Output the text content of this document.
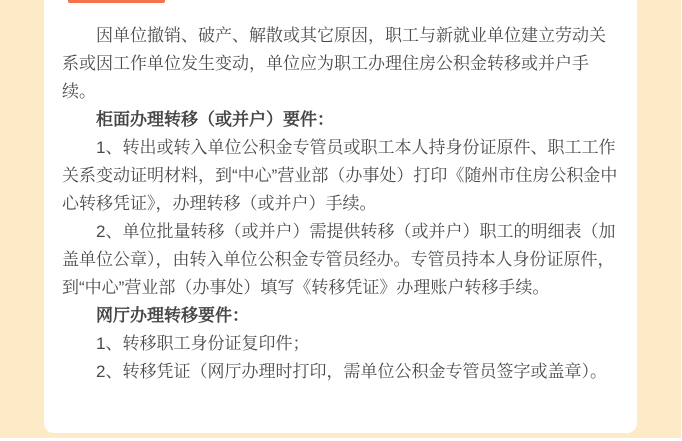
因单位撤销、破产、解散或其它原因，职工与新就业单位建立劳动关系或因工作单位发生变动，单位应为职工办理住房公积金转移或并户手续。

柜面办理转移（或并户）要件：

1、转出或转入单位公积金专管员或职工本人持身份证原件、职工工作关系变动证明材料，到“中心”营业部（办事处）打印《随州市住房公积金中心转移凭证》，办理转移（或并户）手续。

2、单位批量转移（或并户）需提供转移（或并户）职工的明细表（加盖单位公章），由转入单位公积金专管员经办。专管员持本人身份证原件，到“中心”营业部（办事处）填写《转移凭证》办理账户转移手续。

网厅办理转移要件：

1、转移职工身份证复印件；

2、转移凭证（网厅办理时打印，需单位公积金专管员签字或盖章）。
